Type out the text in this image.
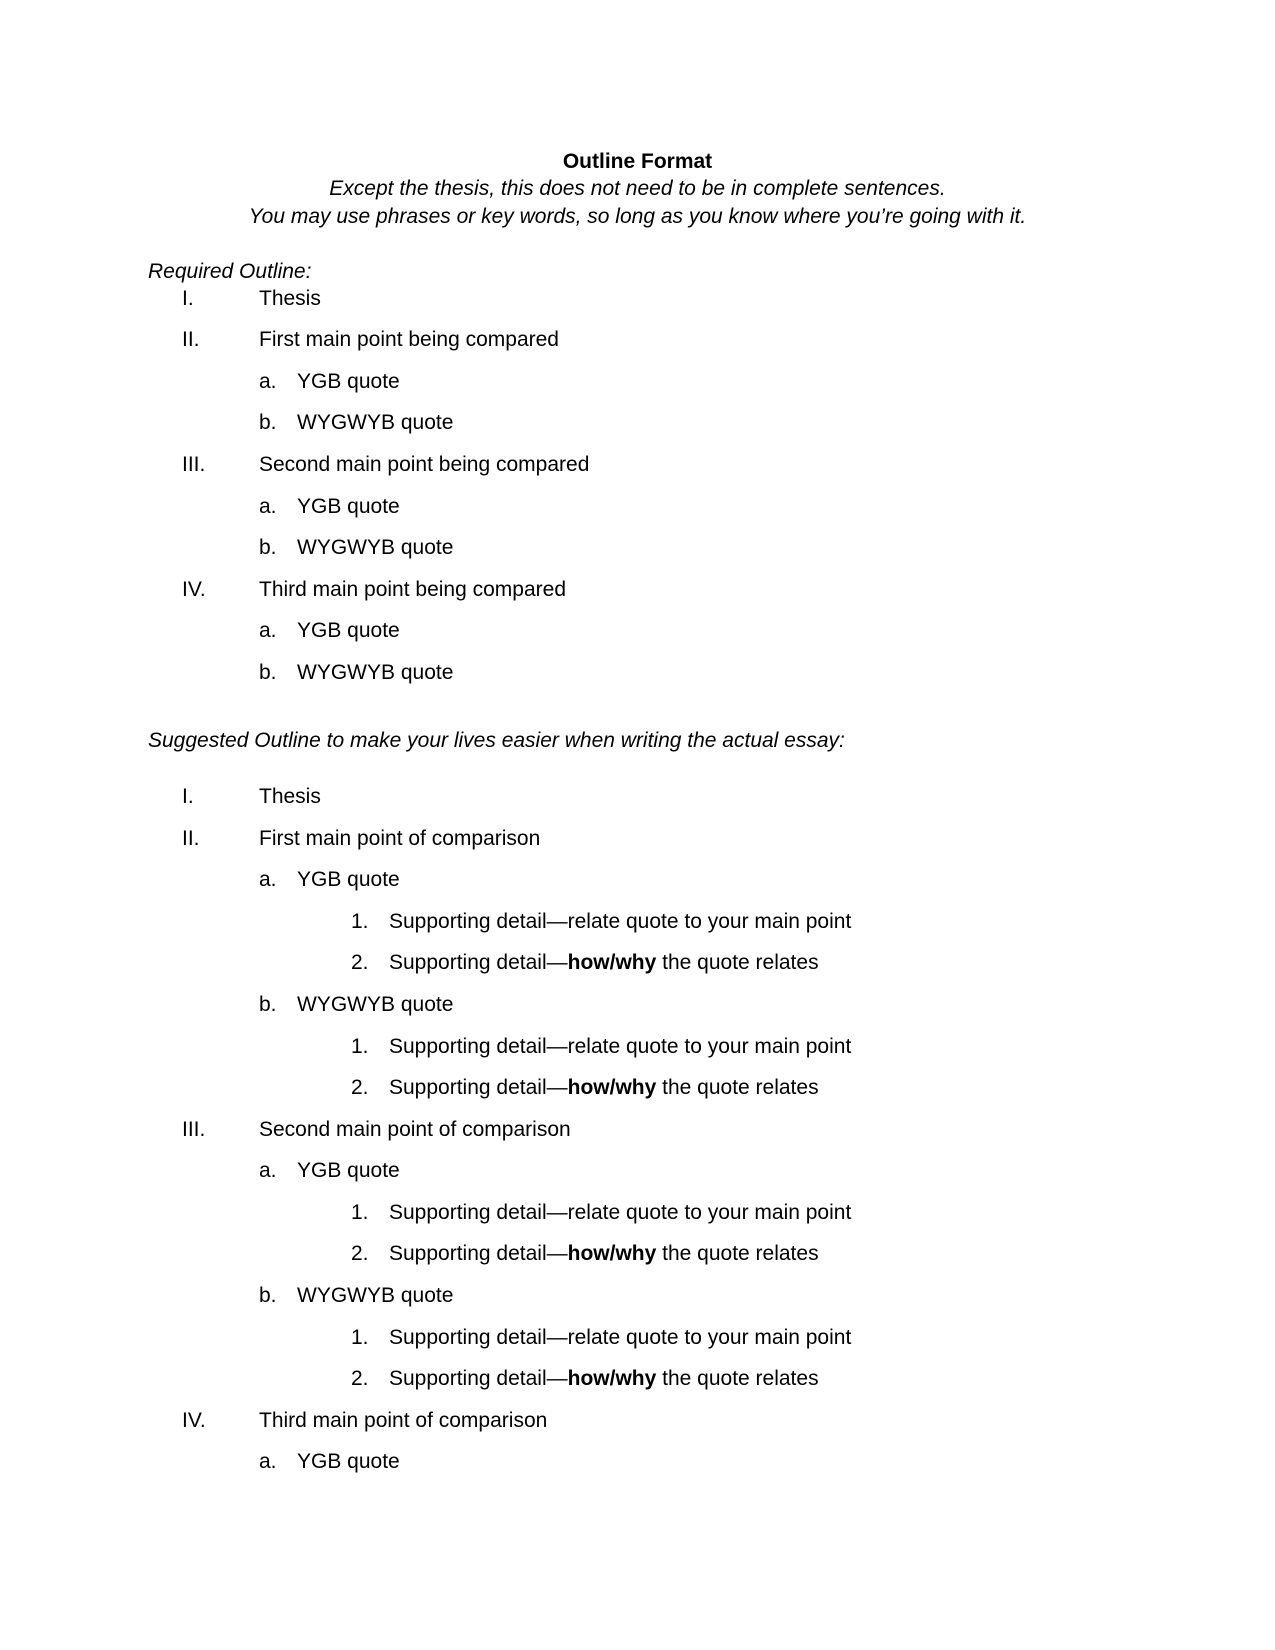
Outline Format
Except the thesis, this does not need to be in complete sentences.
You may use phrases or key words, so long as you know where you’re going with it.
Required Outline:
I.	Thesis
II.	First main point being compared
a. YGB quote
b. WYGWYB quote
III.	Second main point being compared
a. YGB quote
b. WYGWYB quote
IV.	Third main point being compared
a. YGB quote
b. WYGWYB quote
Suggested Outline to make your lives easier when writing the actual essay:
I.	Thesis
II.	First main point of comparison
a. YGB quote
1. Supporting detail—relate quote to your main point
2. Supporting detail—how/why the quote relates
b. WYGWYB quote
1. Supporting detail—relate quote to your main point
2. Supporting detail—how/why the quote relates
III.	Second main point of comparison
a. YGB quote
1. Supporting detail—relate quote to your main point
2. Supporting detail—how/why the quote relates
b. WYGWYB quote
1. Supporting detail—relate quote to your main point
2. Supporting detail—how/why the quote relates
IV.	Third main point of comparison
a. YGB quote
